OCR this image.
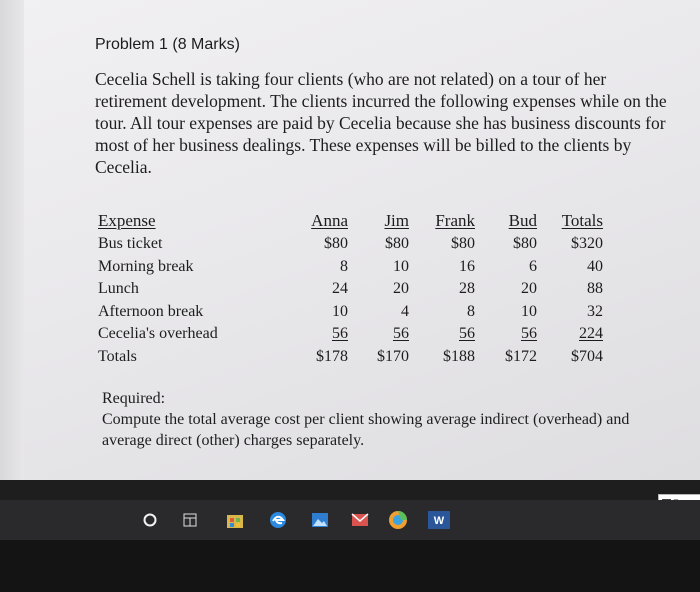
Problem 1 (8 Marks)

Cecelia Schell is taking four clients (who are not related) on a tour of her retirement development. The clients incurred the following expenses while on the tour. All tour expenses are paid by Cecelia because she has business discounts for most of her business dealings. These expenses will be billed to the clients by Cecelia.

Expense	Anna	Jim	Frank	Bud	Totals

Bus ticket $80		$80	$80	$80	$320

Morning break 8		10	16	6	40

Lunch 24		20	28	20	88

Afternoon break 10		4	8	10	32

Cecelia's overhead 56		56	56	56	224

Totals $178		$170	$188	$172	$704

Required:

Compute the total average cost per client showing average indirect (overhead) and average direct (other) charges separately.

W
